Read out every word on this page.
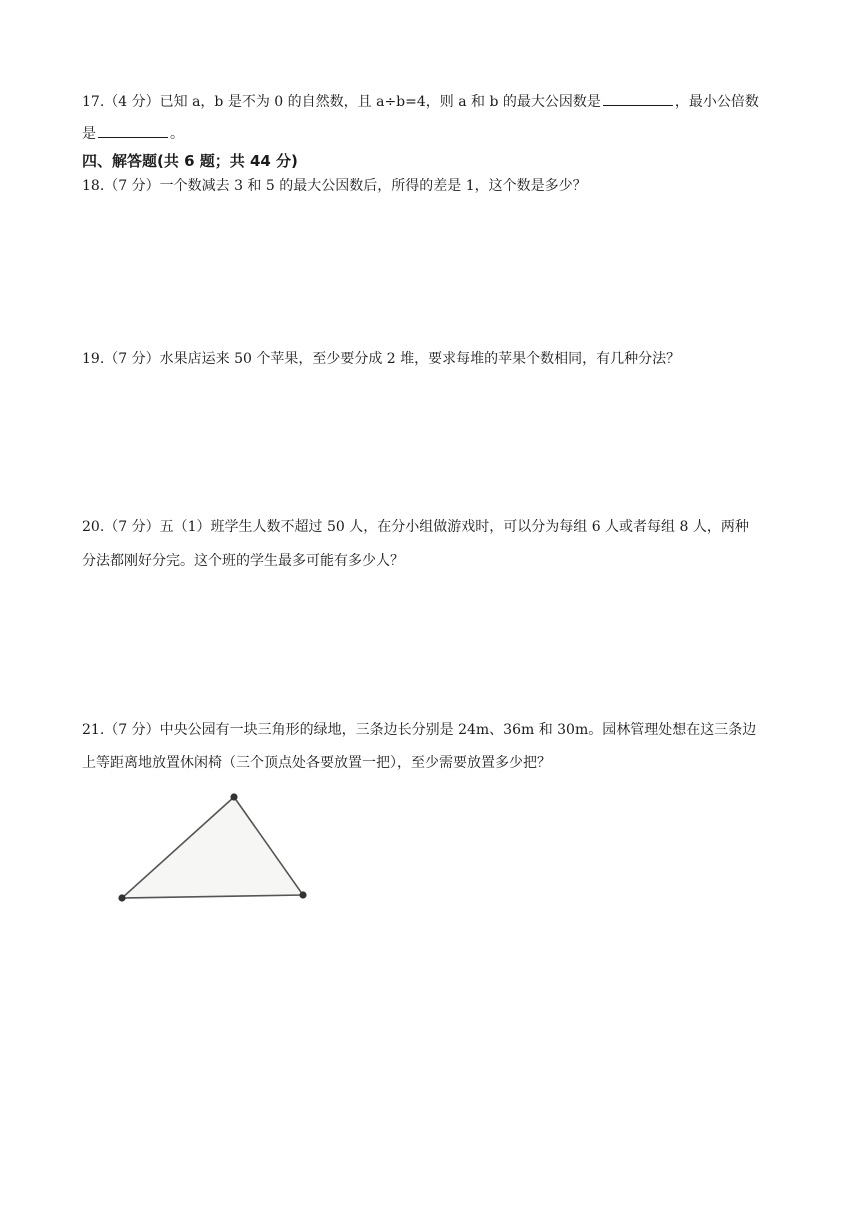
17.（4 分）已知 a，b 是不为 0 的自然数，且 a÷b=4，则 a 和 b 的最大公因数是	，最小公倍数
是	。
四、解答题(共 6 题；共 44 分)
18.（7 分）一个数减去 3 和 5 的最大公因数后，所得的差是 1，这个数是多少？
19.（7 分）水果店运来 50 个苹果，至少要分成 2 堆，要求每堆的苹果个数相同，有几种分法？
20.（7 分）五（1）班学生人数不超过 50 人，在分小组做游戏时，可以分为每组 6 人或者每组 8 人，两种
分法都刚好分完。这个班的学生最多可能有多少人？
21.（7 分）中央公园有一块三角形的绿地，三条边长分别是 24m、36m 和 30m。园林管理处想在这三条边
上等距离地放置休闲椅（三个顶点处各要放置一把），至少需要放置多少把？
